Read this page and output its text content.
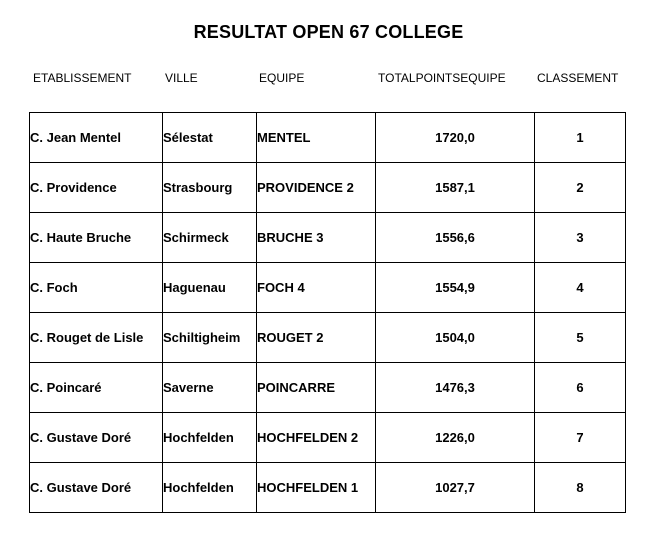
RESULTAT OPEN 67 COLLEGE
ETABLISSEMENT	VILLE	EQUIPE	TOTALPOINTSEQUIPE	CLASSEMENT
C. Jean Mentel	Sélestat	MENTEL	1720,0	1
C. Providence	Strasbourg	PROVIDENCE 2	1587,1	2
C. Haute Bruche	Schirmeck	BRUCHE 3	1556,6	3
C. Foch	Haguenau	FOCH 4	1554,9	4
C. Rouget de Lisle	Schiltigheim	ROUGET 2	1504,0	5
C. Poincaré	Saverne	POINCARRE	1476,3	6
C. Gustave Doré	Hochfelden	HOCHFELDEN 2	1226,0	7
C. Gustave Doré	Hochfelden	HOCHFELDEN 1	1027,7	8
